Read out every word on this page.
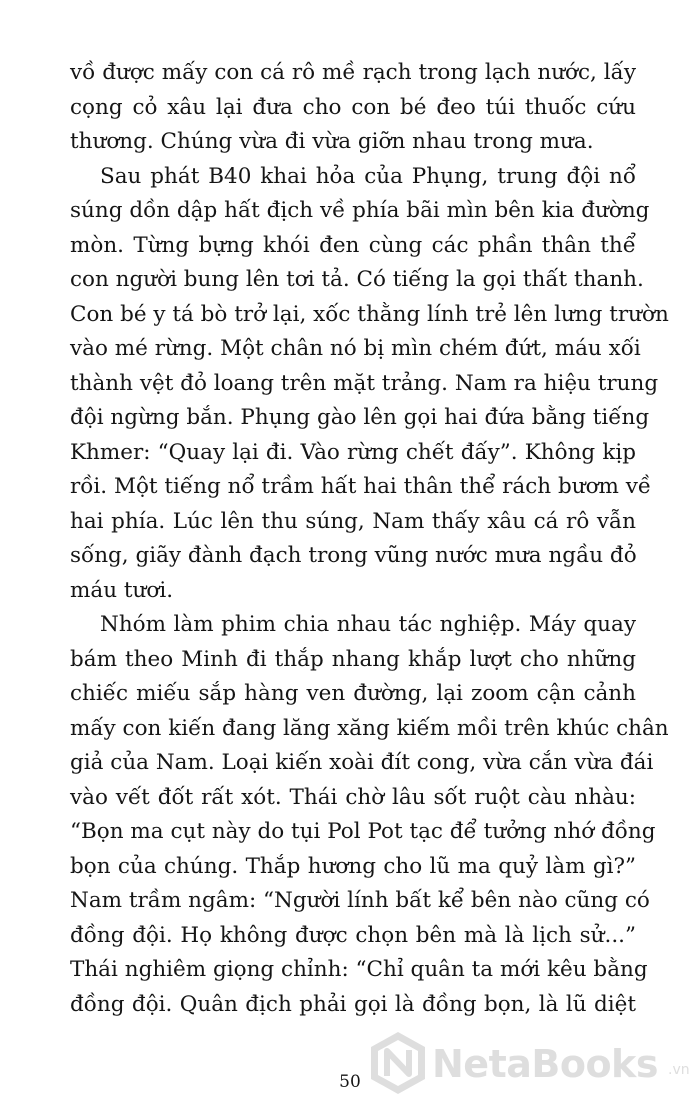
vồ được mấy con cá rô mề rạch trong lạch nước, lấy
cọng cỏ xâu lại đưa cho con bé đeo túi thuốc cứu
thương. Chúng vừa đi vừa giỡn nhau trong mưa.
Sau phát B40 khai hỏa của Phụng, trung đội nổ
súng dồn dập hất địch về phía bãi mìn bên kia đường
mòn. Từng bựng khói đen cùng các phần thân thể
con người bung lên tơi tả. Có tiếng la gọi thất thanh.
Con bé y tá bò trở lại, xốc thằng lính trẻ lên lưng trườn
vào mé rừng. Một chân nó bị mìn chém đứt, máu xối
thành vệt đỏ loang trên mặt trảng. Nam ra hiệu trung
đội ngừng bắn. Phụng gào lên gọi hai đứa bằng tiếng
Khmer: “Quay lại đi. Vào rừng chết đấy”. Không kịp
rồi. Một tiếng nổ trầm hất hai thân thể rách bươm về
hai phía. Lúc lên thu súng, Nam thấy xâu cá rô vẫn
sống, giãy đành đạch trong vũng nước mưa ngầu đỏ
máu tươi.
Nhóm làm phim chia nhau tác nghiệp. Máy quay
bám theo Minh đi thắp nhang khắp lượt cho những
chiếc miếu sắp hàng ven đường, lại zoom cận cảnh
mấy con kiến đang lăng xăng kiếm mồi trên khúc chân
giả của Nam. Loại kiến xoài đít cong, vừa cắn vừa đái
vào vết đốt rất xót. Thái chờ lâu sốt ruột càu nhàu:
“Bọn ma cụt này do tụi Pol Pot tạc để tưởng nhớ đồng
bọn của chúng. Thắp hương cho lũ ma quỷ làm gì?”
Nam trầm ngâm: “Người lính bất kể bên nào cũng có
đồng đội. Họ không được chọn bên mà là lịch sử...”
Thái nghiêm giọng chỉnh: “Chỉ quân ta mới kêu bằng
đồng đội. Quân địch phải gọi là đồng bọn, là lũ diệt
50	NetaBooks .vn
